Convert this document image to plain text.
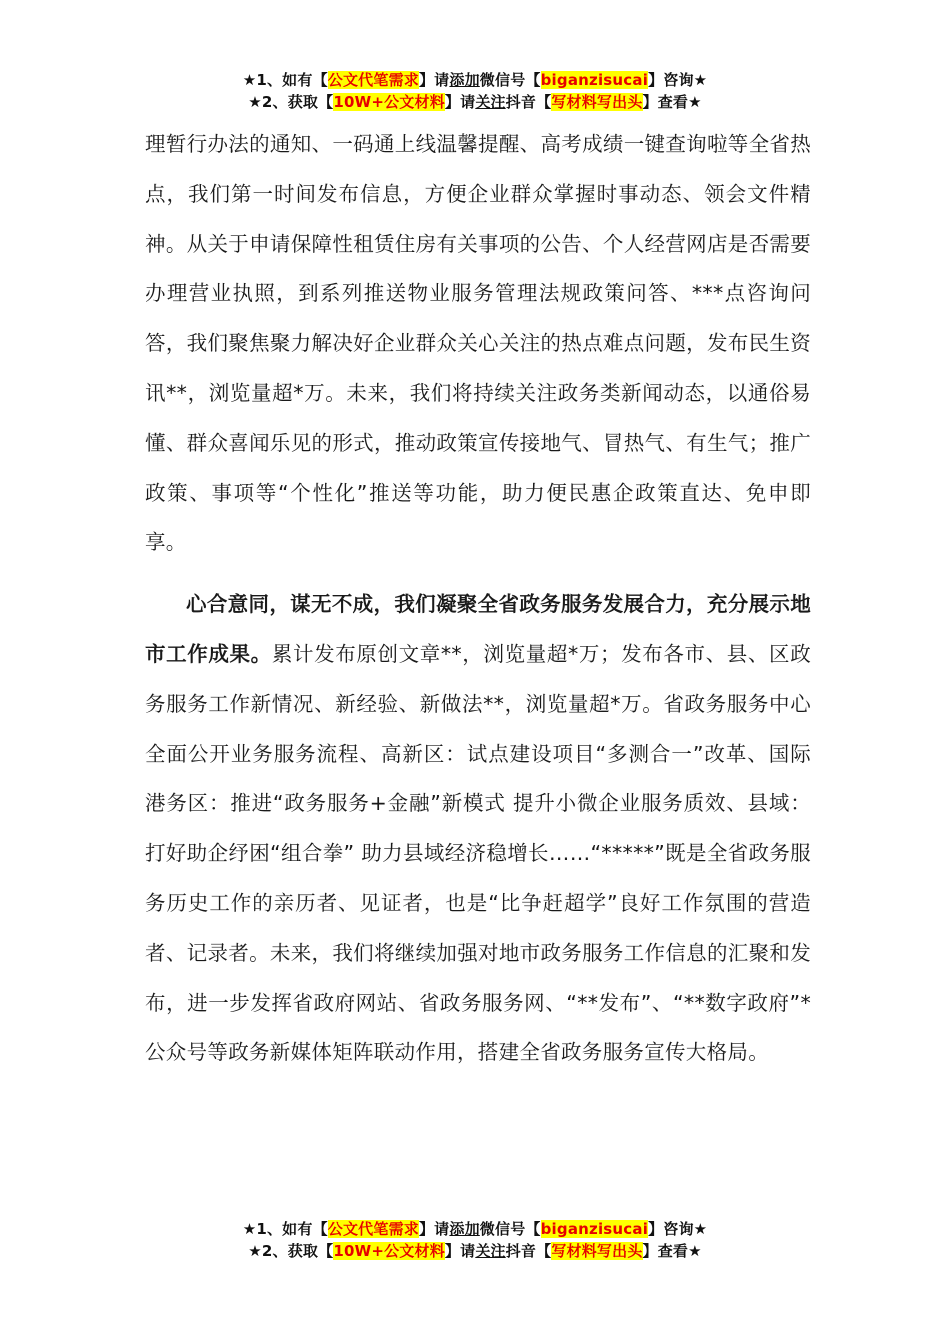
★1、如有【公文代笔需求】请添加微信号【biganzisucai】咨询★
★2、获取【10W+公文材料】请关注抖音【写材料写出头】查看★

理暂行办法的通知、一码通上线温馨提醒、高考成绩一键查询啦等全省热点，我们第一时间发布信息，方便企业群众掌握时事动态、领会文件精神。从关于申请保障性租赁住房有关事项的公告、个人经营网店是否需要办理营业执照，到系列推送物业服务管理法规政策问答、***点咨询问答，我们聚焦聚力解决好企业群众关心关注的热点难点问题，发布民生资讯**，浏览量超*万。未来，我们将持续关注政务类新闻动态，以通俗易懂、群众喜闻乐见的形式，推动政策宣传接地气、冒热气、有生气；推广政策、事项等“个性化”推送等功能，助力便民惠企政策直达、免申即享。

心合意同，谋无不成，我们凝聚全省政务服务发展合力，充分展示地市工作成果。累计发布原创文章**，浏览量超*万；发布各市、县、区政务服务工作新情况、新经验、新做法**，浏览量超*万。省政务服务中心全面公开业务服务流程、高新区：试点建设项目“多测合一”改革、国际港务区：推进“政务服务+金融”新模式 提升小微企业服务质效、县域：打好助企纾困“组合拳” 助力县域经济稳增长……“*****”既是全省政务服务历史工作的亲历者、见证者，也是“比争赶超学”良好工作氛围的营造者、记录者。未来，我们将继续加强对地市政务服务工作信息的汇聚和发布，进一步发挥省政府网站、省政务服务网、“**发布”、“**数字政府”*公众号等政务新媒体矩阵联动作用，搭建全省政务服务宣传大格局。

★1、如有【公文代笔需求】请添加微信号【biganzisucai】咨询★
★2、获取【10W+公文材料】请关注抖音【写材料写出头】查看★
